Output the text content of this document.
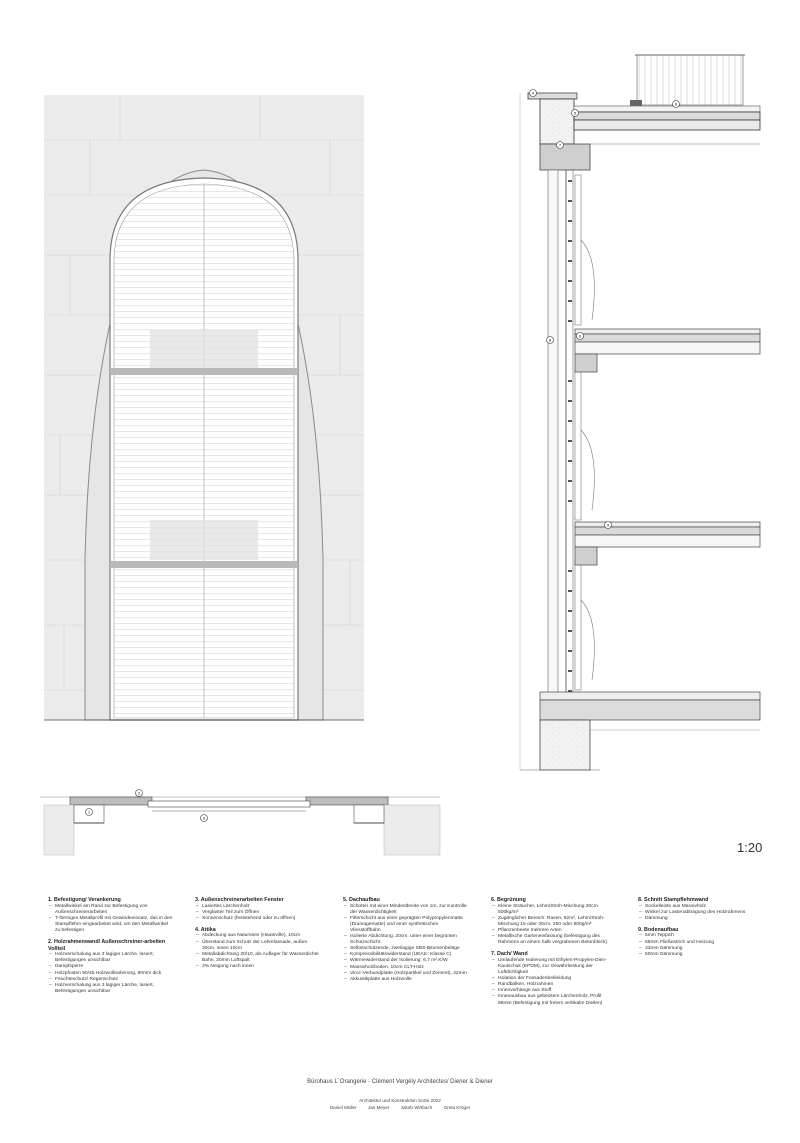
4
5
6
7
8
9
9
1
2
3
1:20
1. Befestigung/ Verankerung
– Metallwinkel am Rand zur Befestigung von Außenschreinerarbeiten
– T-förmiges Metallprofil mit Gewindeeinsatz, das in den Stampflehm eingearbeitet wird, um den Metallwinkel zu befestigen
2. Holzrahmenwand/ Außenschreiner-arbeiten Vollteil
– Holzverschalung aus 3 lagiger Lärche, lasiert, Befestigungen unsichtbar
– Dampfsperre
– Holzpfosten 90/45 Holzwollisolierung, 80mm dick
– Feuchteschutz/ Regenschutz
– Holzverschalung aus 3 lagiger Lärche, lasiert, Befestigungen unsichtbar
3. Außenschreinerarbeiten Fenster
– Lasiertes Lärchenholz
– Verglaster Teil zum Öffnen
– Sonnenschutz (feststehend oder zu öffnen)
4. Attika
– Abdeckung aus Naturstein (Hauteville), 10cm
– Überstand zum Schutz der Lehmfassade, außen 30cm, innen 10cm
– Metallabdichtung 20/10, als Auflager für Wasserdichte Bahn, 20mm Luftspalt
– 3% Neigung nach innen
5. Dachaufbau
– Schotter mit einer Mindestbreite von 1m, zur Kontrolle der Wasserdichtigkeit
– Filterschicht aus einer geprägten Polypropylenmatte (Drainagematte) und einer synthetischen Vliesstoffbahn
– Isolierte Abdichtung, 20cm, unter einer begrünten Schutzschicht
– Selbstschützende, zweilagige SBS-Bitumenbeläge
– Kompressibilitätswiderstand (UEAtc: Klasse C)
– Wärmewiderstand der Isolierung: 6,7 m².K/W
– Massivholzboden, 10cm CLT-Holz
– Viroc-Verbundplatte (Holzpartikel und Zement), 22mm
– Akkustikplatte aus Holzwolle
6. Begrünung
– Kleine Sträucher, Lehm/Stroh-Mischung 30cm 500kg/m²
– Zugänglicher Bereich: Rasen, 92m², Lehm/Stroh-Mischung 15 oder 30cm, 250 oder 500g/m²
– Pflanzenbeete mehrere Arten
– Metallische Garteneinfassung (befestigung des Rahmens an einem halb vergrabenen Betonblock)
7. Dach/ Wand
– Umlaufende Isolierung mit Ethylen-Propylen-Dien-Kautschuk (EPDM), zur Gewährleistung der Luftdichtigkeit
– Isolation der Fassadenbekleidung
– Randbalken, Holzrahmen
– Innenvorhänge aus Stoff
– Innenausbau aus gebeiztem Lärchenholz, Profil 68mm (Befestigung mit freiem verbkalm Dieilen)
8. Schnitt Stampflehmwand
– Sockelleiste aus Massivholz
– Winkel zur Lastenabtragung des Holzrahmens
– Dämmung
9. Bodenaufbau
– 5mm Teppich
– 65mm Fließestrich und Heizung
– 33mm Dämmung
– 50mm Dämmung
Bürohaus L´Orangerie - Clément Vergély Architectes/ Diener & Diener
Architektur und Konstruktion SoSe 2022
Daniel Müller Jan Meyer Jakob Wirtbach Greta Kröger
